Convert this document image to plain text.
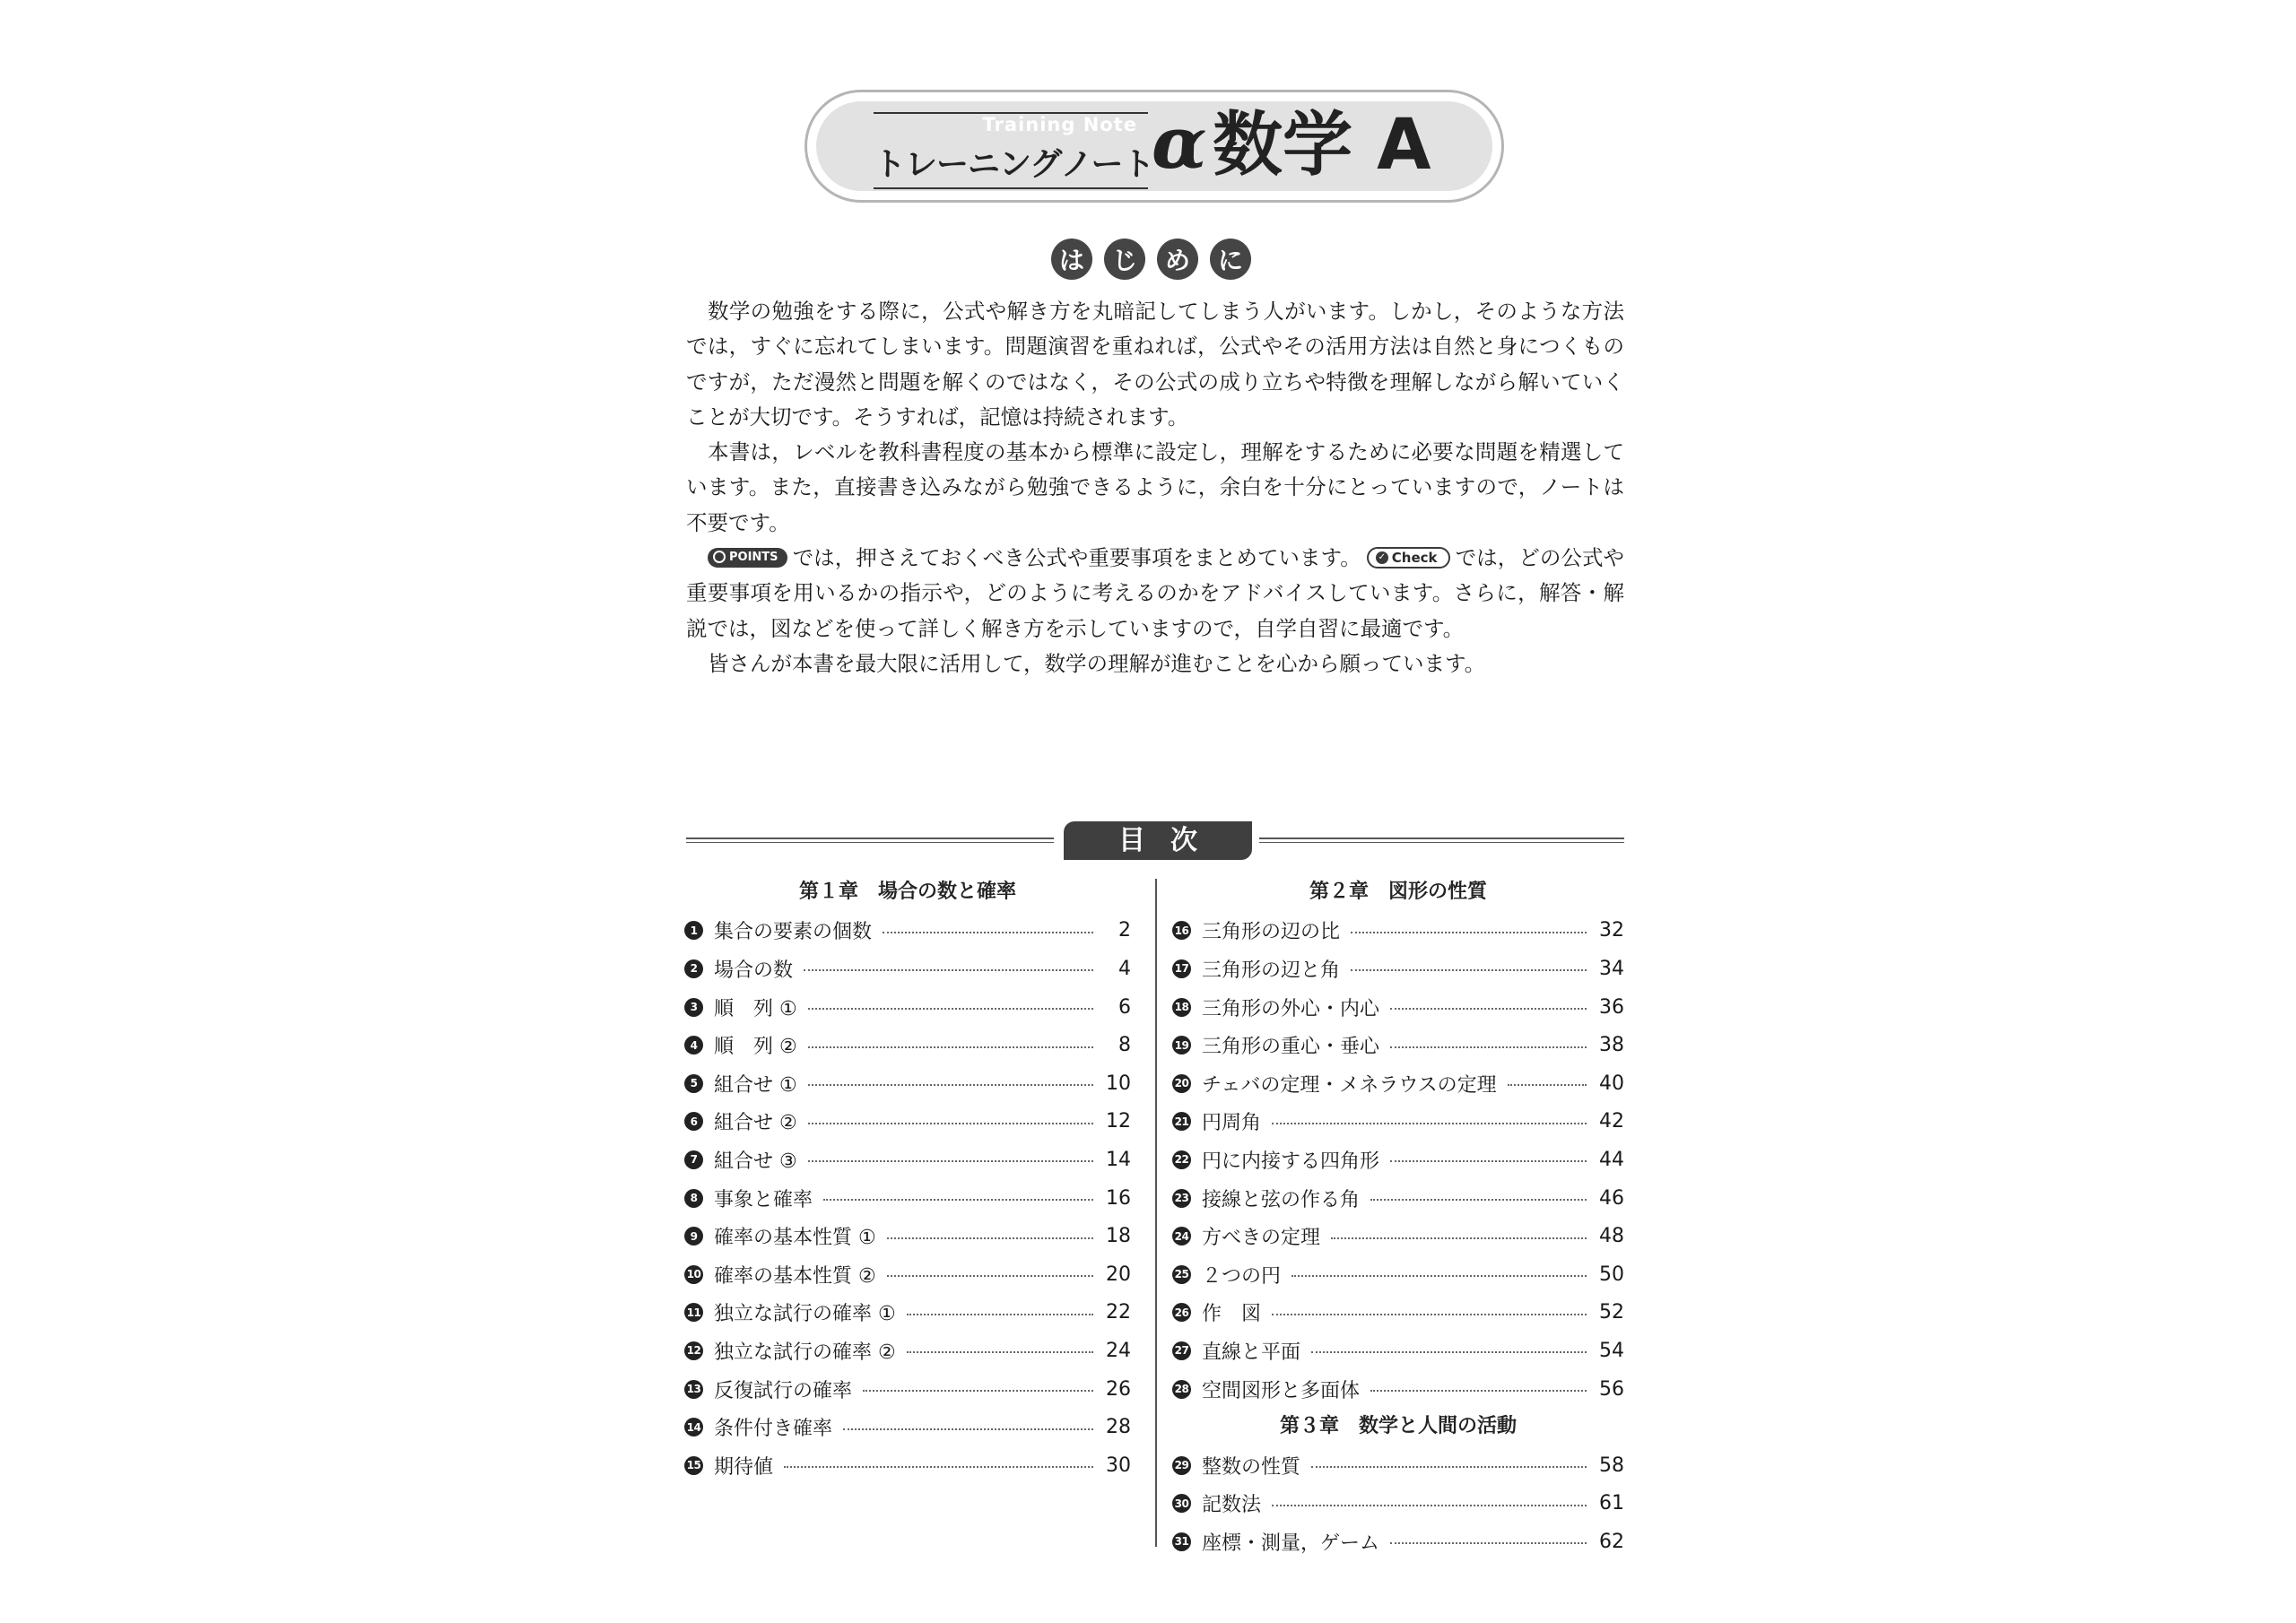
Training Note
トレーニングノート
α 数学 A
は	じ	め	に

数学の勉強をする際に，公式や解き方を丸暗記してしまう人がいます。しかし，そのような方法では，すぐに忘れてしまいます。問題演習を重ねれば，公式やその活用方法は自然と身につくものですが，ただ漫然と問題を解くのではなく，その公式の成り立ちや特徴を理解しながら解いていくことが大切です。そうすれば，記憶は持続されます。

本書は，レベルを教科書程度の基本から標準に設定し，理解をするために必要な問題を精選しています。また，直接書き込みながら勉強できるように，余白を十分にとっていますので，ノートは不要です。

POINTS では，押さえておくべき公式や重要事項をまとめています。 ✓ Check では，どの公式や重要事項を用いるかの指示や，どのように考えるのかをアドバイスしています。さらに，解答・解説では，図などを使って詳しく解き方を示していますので，自学自習に最適です。

皆さんが本書を最大限に活用して，数学の理解が進むことを心から願っています。

目次
第１章　場合の数と確率
1 集合の要素の個数	2
2 場合の数	4
3 順　列 ①	6
4 順　列 ②	8
5 組合せ ①	10
6 組合せ ②	12
7 組合せ ③	14
8 事象と確率	16
9 確率の基本性質 ①	18
10 確率の基本性質 ②	20
11 独立な試行の確率 ①	22
12 独立な試行の確率 ②	24
13 反復試行の確率	26
14 条件付き確率	28
15 期待値	30
第２章　図形の性質
16 三角形の辺の比	32
17 三角形の辺と角	34
18 三角形の外心・内心	36
19 三角形の重心・垂心	38
20 チェバの定理・メネラウスの定理	40
21 円周角	42
22 円に内接する四角形	44
23 接線と弦の作る角	46
24 方べきの定理	48
25 ２つの円	50
26 作　図	52
27 直線と平面	54
28 空間図形と多面体	56
第３章　数学と人間の活動
29 整数の性質	58
30 記数法	61
31 座標・測量，ゲーム	62
